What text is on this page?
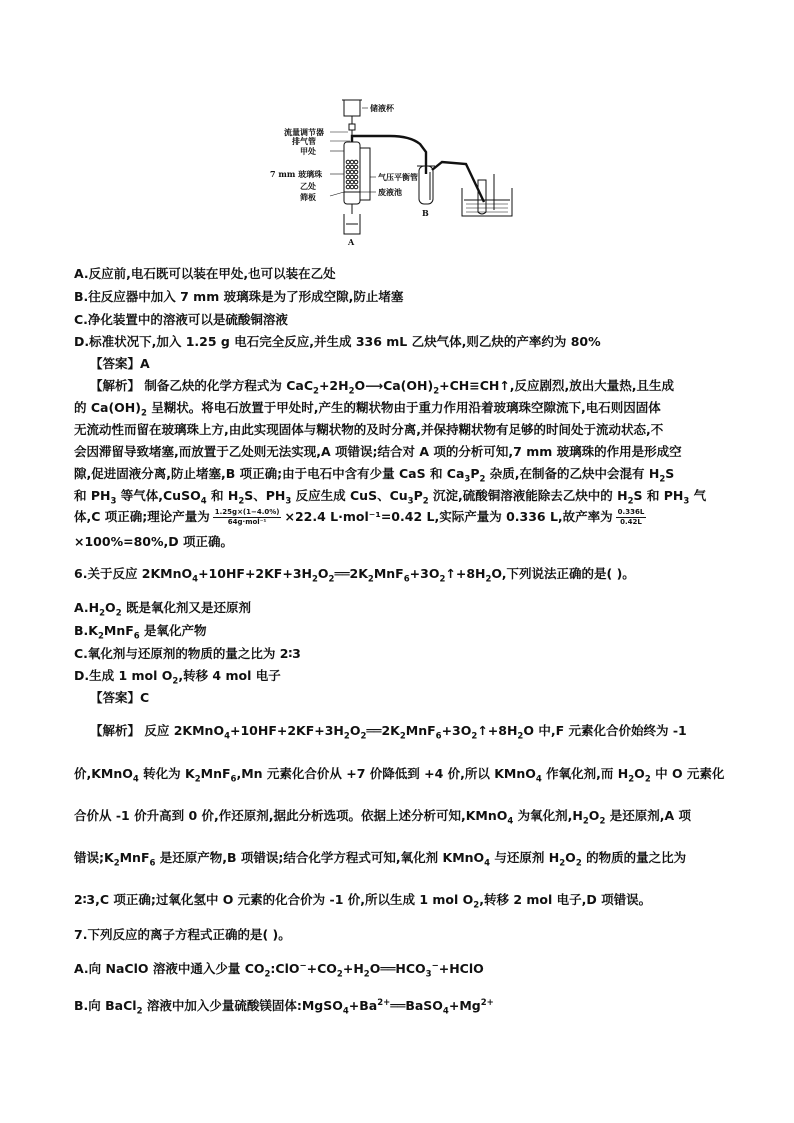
储液杯
流量调节器
排气管
甲处
7 mm 玻璃珠
乙处
筛板
气压平衡管
废液池
A
B
A.反应前,电石既可以装在甲处,也可以装在乙处
B.往反应器中加入 7 mm 玻璃珠是为了形成空隙,防止堵塞
C.净化装置中的溶液可以是硫酸铜溶液
D.标准状况下,加入 1.25 g 电石完全反应,并生成 336 mL 乙炔气体,则乙炔的产率约为 80%
【答案】A
【解析】 制备乙炔的化学方程式为 $CaC_2+2H_2O⟶Ca(OH)_2+CH\equiv CH↑$,反应剧烈,放出大量热,且生成
的 $Ca(OH)_2$ 呈糊状。将电石放置于甲处时,产生的糊状物由于重力作用沿着玻璃珠空隙流下,电石则因固体
无流动性而留在玻璃珠上方,由此实现固体与糊状物的及时分离,并保持糊状物有足够的时间处于流动状态,不
会因滞留导致堵塞,而放置于乙处则无法实现,A 项错误;结合对 A 项的分析可知,7 mm 玻璃珠的作用是形成空
隙,促进固液分离,防止堵塞,B 项正确;由于电石中含有少量 CaS 和 $Ca_3P_2$ 杂质,在制备的乙炔中会混有 $H_2S$
和 $PH_3$ 等气体,CuSO$_4$ 和 $H_2S$、$PH_3$ 反应生成 CuS、$Cu_3P_2$ 沉淀,硫酸铜溶液能除去乙炔中的 $H_2S$ 和 $PH_3$ 气
体,C 项正确;理论产量为 $\frac{1.25g\times(1-4.0\%)}{\text{64g·mol⁻¹}} \times 22.4$ L·mol⁻¹=0.42 L,实际产量为 0.336 L,故产率为 $\frac{0.336L}{0.42L}$
×100%=80%,D 项正确。
6.关于反应 $2KMnO_4+10HF+2KF+3H_2O_2══2K_2MnF_6+3O_2↑+8H_2O$,下列说法正确的是( )。
$A.H_2O_2$ 既是氧化剂又是还原剂
$B.K_2MnF_6$ 是氧化产物
C.氧化剂与还原剂的物质的量之比为 2∶3
D.生成 1 mol $O_2$,转移 4 mol 电子
【答案】C
【解析】 反应 $2KMnO_4+10HF+2KF+3H_2O_2══2K_2MnF_6+3O_2↑+8H_2O$ 中,F 元素化合价始终为 -1
价,KMnO$_4$ 转化为 $K_2MnF_6,Mn$ 元素化合价从 +7 价降低到 +4 价,所以 KMnO$_4$ 作氧化剂,而 $H_2O_2$ 中 O 元素化
合价从 -1 价升高到 0 价,作还原剂,据此分析选项。依据上述分析可知,KMnO$_4$ 为氧化剂$,H_2O_2$ 是还原剂,A 项
错误$;K_2MnF_6$ 是还原产物,B 项错误;结合化学方程式可知,氧化剂 KMnO$_4$ 与还原剂 $H_2O_2$ 的物质的量之比为
2∶3,C 项正确;过氧化氢中 O 元素的化合价为 -1 价,所以生成 1 mol $O_2$,转移 2 mol 电子,D 项错误。
7.下列反应的离子方程式正确的是( )。
A.向 NaClO 溶液中通入少量 $CO_2:ClO^-+CO_2+H_2O══HCO_3^-+HClO$
B.向 BaCl$_2$ 溶液中加入少量硫酸镁固体$:MgSO_4+Ba^{2+}══BaSO_4+Mg^{2+}$
